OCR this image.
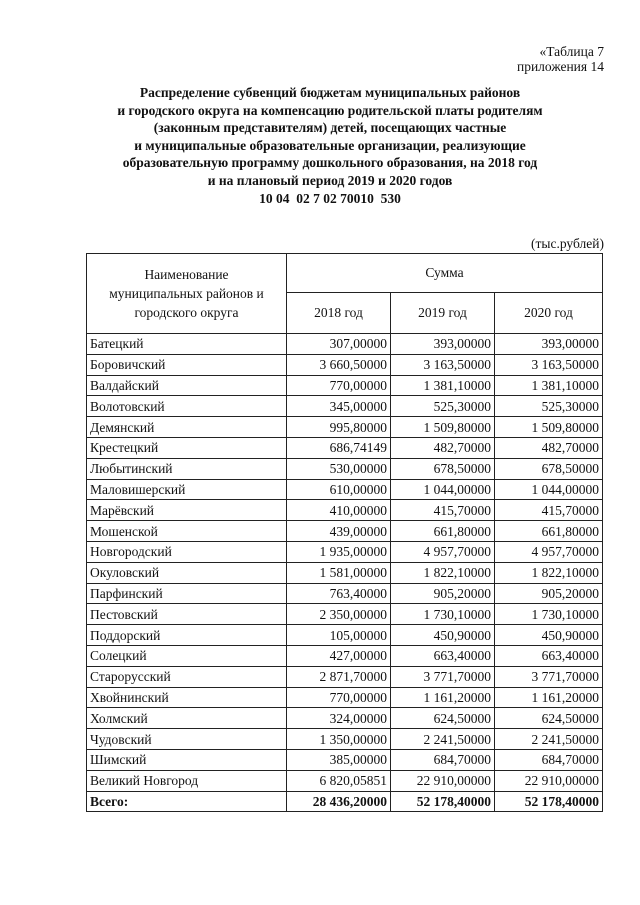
«Таблица 7
приложения 14
Распределение субвенций бюджетам муниципальных районов
и городского округа на компенсацию родительской платы родителям
(законным представителям) детей, посещающих частные
и муниципальные образовательные организации, реализующие
образовательную программу дошкольного образования, на 2018 год
и на плановый период 2019 и 2020 годов
10 04  02 7 02 70010  530
(тыс.рублей)
Наименование
муниципальных районов и
городского округа	Сумма		
	2018 год	2019 год	2020 год
Батецкий	307,00000	393,00000	393,00000
Боровичский	3 660,50000	3 163,50000	3 163,50000
Валдайский	770,00000	1 381,10000	1 381,10000
Волотовский	345,00000	525,30000	525,30000
Демянский	995,80000	1 509,80000	1 509,80000
Крестецкий	686,74149	482,70000	482,70000
Любытинский	530,00000	678,50000	678,50000
Маловишерский	610,00000	1 044,00000	1 044,00000
Марёвский	410,00000	415,70000	415,70000
Мошенской	439,00000	661,80000	661,80000
Новгородский	1 935,00000	4 957,70000	4 957,70000
Окуловский	1 581,00000	1 822,10000	1 822,10000
Парфинский	763,40000	905,20000	905,20000
Пестовский	2 350,00000	1 730,10000	1 730,10000
Поддорский	105,00000	450,90000	450,90000
Солецкий	427,00000	663,40000	663,40000
Старорусский	2 871,70000	3 771,70000	3 771,70000
Хвойнинский	770,00000	1 161,20000	1 161,20000
Холмский	324,00000	624,50000	624,50000
Чудовский	1 350,00000	2 241,50000	2 241,50000
Шимский	385,00000	684,70000	684,70000
Великий Новгород	6 820,05851	22 910,00000	22 910,00000
Всего:	28 436,20000	52 178,40000	52 178,40000
